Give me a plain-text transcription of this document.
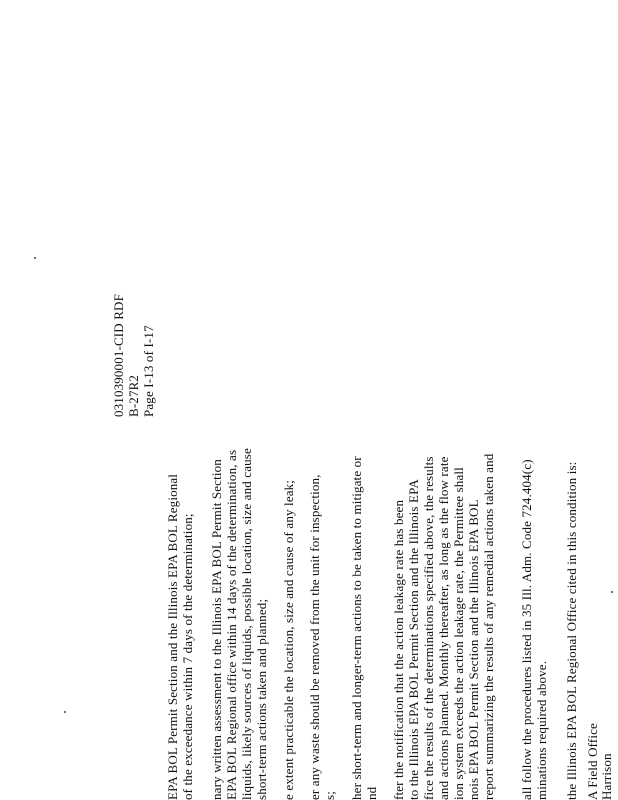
0310390001-CID RDF B-27R2 Page I-13 of I-17
EPA BOL Permit Section and the Illinois EPA BOL Regional of the exceedance within 7 days of the determination; nary written assessment to the Illinois EPA BOL Permit Section EPA BOL Regional office within 14 days of the determination, as liquids, likely sources of liquids, possible location, size and cause short-term actions taken and planned; e extent practicable the location, size and cause of any leak; er any waste should be removed from the unit for inspection, s; her short-term and longer-term actions to be taken to mitigate or nd fter the notification that the action leakage rate has been to the Illinois EPA BOL Permit Section and the Illinois EPA fice the results of the determinations specified above, the results and actions planned. Monthly thereafter, as long as the flow rate ion system exceeds the action leakage rate, the Permittee shall nois EPA BOL Permit Section and the Illinois EPA BOL report summarizing the results of any remedial actions taken and all follow the procedures listed in 35 Ill. Adm. Code 724.404(c) minations required above. the Illinois EPA BOL Regional Office cited in this condition is: A Field Office Harrison
